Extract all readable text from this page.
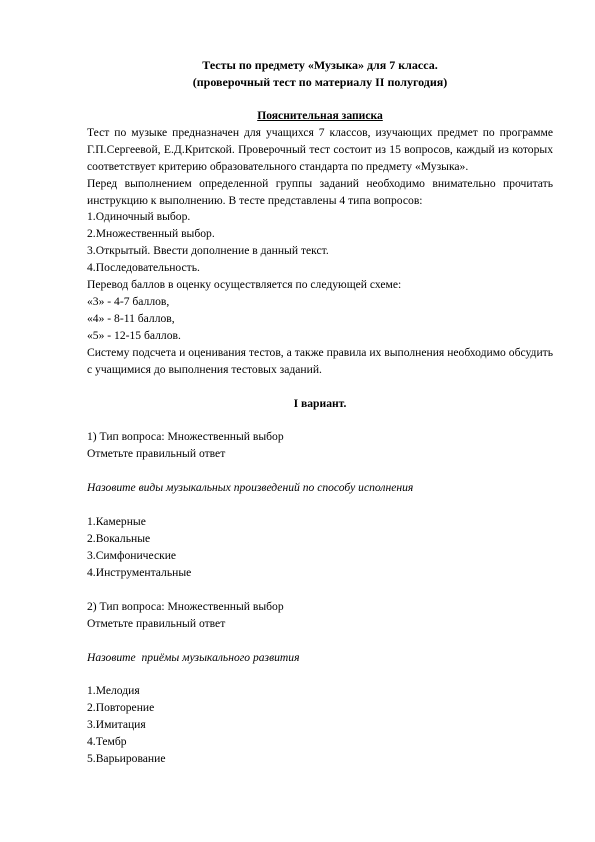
Тесты по предмету «Музыка» для 7 класса.

(проверочный тест по материалу II полугодия)

Пояснительная записка

Тест по музыке предназначен для учащихся 7 классов, изучающих предмет по программе Г.П.Сергеевой, Е.Д.Критской. Проверочный тест состоит из 15 вопросов, каждый из которых соответствует критерию образовательного стандарта по предмету «Музыка».

Перед выполнением определенной группы заданий необходимо внимательно прочитать инструкцию к выполнению. В тесте представлены 4 типа вопросов:

1.Одиночный выбор.

2.Множественный выбор.

3.Открытый. Ввести дополнение в данный текст.

4.Последовательность.

Перевод баллов в оценку осуществляется по следующей схеме:

«3» - 4-7 баллов,

«4» - 8-11 баллов,

«5» - 12-15 баллов.

Систему подсчета и оценивания тестов, а также правила их выполнения необходимо обсудить с учащимися до выполнения тестовых заданий.

I вариант.

1) Тип вопроса: Множественный выбор

Отметьте правильный ответ

Назовите виды музыкальных произведений по способу исполнения

1.Камерные

2.Вокальные

3.Симфонические

4.Инструментальные

2) Тип вопроса: Множественный выбор

Отметьте правильный ответ

Назовите  приёмы музыкального развития

1.Мелодия

2.Повторение

3.Имитация

4.Тембр

5.Варьирование
